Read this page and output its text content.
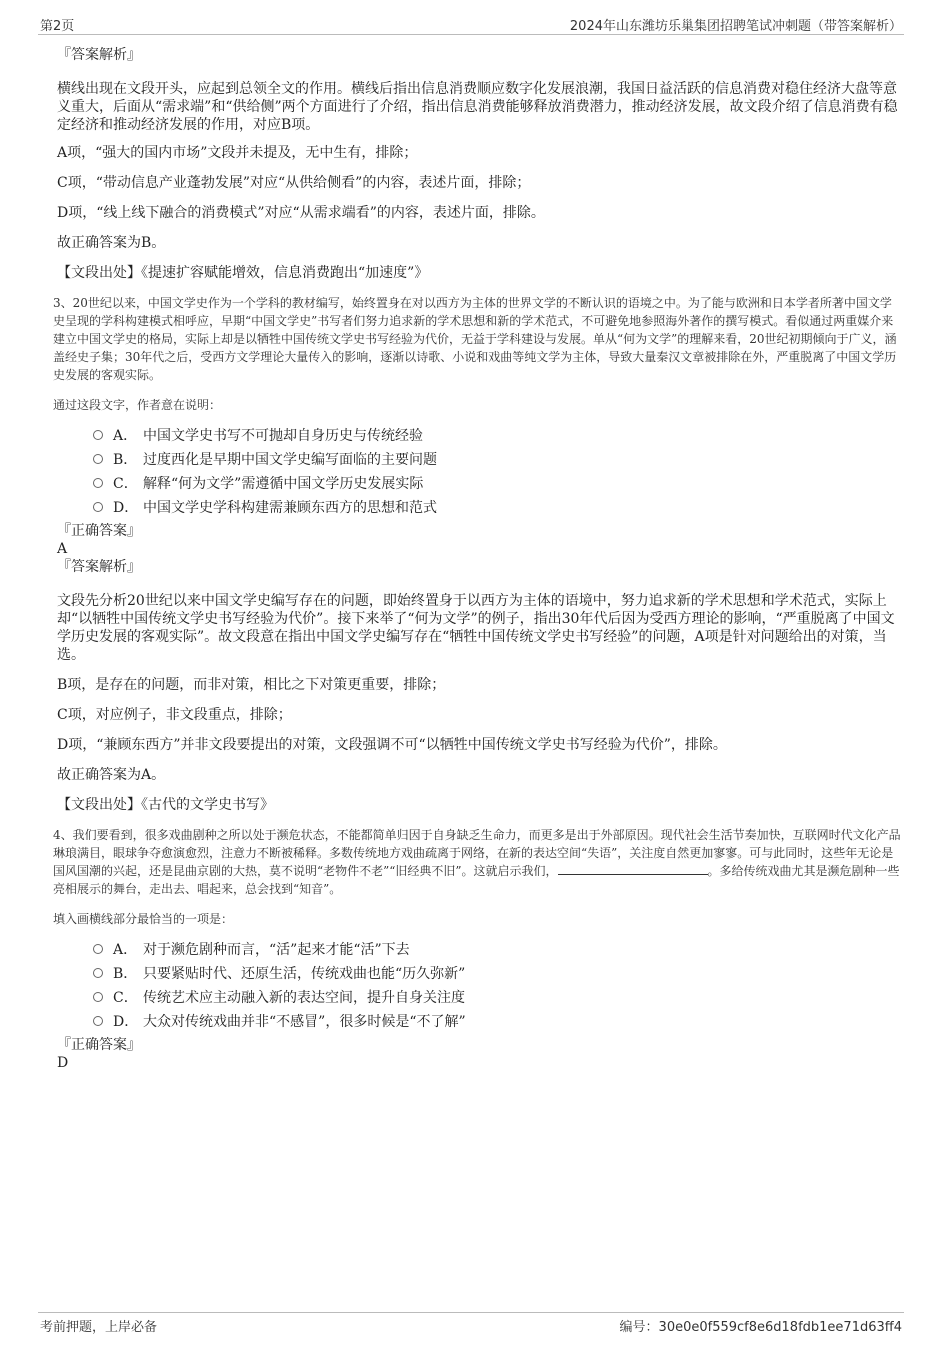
第2页	2024年山东潍坊乐巢集团招聘笔试冲刺题（带答案解析）

『答案解析』

横线出现在文段开头，应起到总领全文的作用。横线后指出信息消费顺应数字化发展浪潮，我国日益活跃的信息消费对稳住经济大盘等意义重大，后面从“需求端”和“供给侧”两个方面进行了介绍，指出信息消费能够释放消费潜力，推动经济发展，故文段介绍了信息消费有稳定经济和推动经济发展的作用，对应B项。

A项，“强大的国内市场”文段并未提及，无中生有，排除；

C项，“带动信息产业蓬勃发展”对应“从供给侧看”的内容，表述片面，排除；

D项，“线上线下融合的消费模式”对应“从需求端看”的内容，表述片面，排除。

故正确答案为B。

【文段出处】《提速扩容赋能增效，信息消费跑出“加速度”》

3、20世纪以来，中国文学史作为一个学科的教材编写，始终置身在对以西方为主体的世界文学的不断认识的语境之中。为了能与欧洲和日本学者所著中国文学史呈现的学科构建模式相呼应，早期“中国文学史”书写者们努力追求新的学术思想和新的学术范式，不可避免地参照海外著作的撰写模式。看似通过两重媒介来建立中国文学史的格局，实际上却是以牺牲中国传统文学史书写经验为代价，无益于学科建设与发展。单从“何为文学”的理解来看，20世纪初期倾向于广义，涵盖经史子集；30年代之后，受西方文学理论大量传入的影响，逐渐以诗歌、小说和戏曲等纯文学为主体，导致大量秦汉文章被排除在外，严重脱离了中国文学历史发展的客观实际。

通过这段文字，作者意在说明：

A． 中国文学史书写不可抛却自身历史与传统经验
B． 过度西化是早期中国文学史编写面临的主要问题
C． 解释“何为文学”需遵循中国文学历史发展实际
D． 中国文学史学科构建需兼顾东西方的思想和范式

『正确答案』

A

『答案解析』

文段先分析20世纪以来中国文学史编写存在的问题，即始终置身于以西方为主体的语境中，努力追求新的学术思想和学术范式，实际上却“以牺牲中国传统文学史书写经验为代价”。接下来举了“何为文学”的例子，指出30年代后因为受西方理论的影响，“严重脱离了中国文学历史发展的客观实际”。故文段意在指出中国文学史编写存在“牺牲中国传统文学史书写经验”的问题，A项是针对问题给出的对策，当选。

B项，是存在的问题，而非对策，相比之下对策更重要，排除；

C项，对应例子，非文段重点，排除；

D项，“兼顾东西方”并非文段要提出的对策，文段强调不可“以牺牲中国传统文学史书写经验为代价”，排除。

故正确答案为A。

【文段出处】《古代的文学史书写》

4、我们要看到，很多戏曲剧种之所以处于濒危状态，不能都简单归因于自身缺乏生命力，而更多是出于外部原因。现代社会生活节奏加快，互联网时代文化产品琳琅满目，眼球争夺愈演愈烈，注意力不断被稀释。多数传统地方戏曲疏离于网络，在新的表达空间“失语”，关注度自然更加寥寥。可与此同时，这些年无论是国风国潮的兴起，还是昆曲京剧的大热，莫不说明“老物件不老”“旧经典不旧”。这就启示我们，	。多给传统戏曲尤其是濒危剧种一些亮相展示的舞台，走出去、唱起来，总会找到“知音”。

填入画横线部分最恰当的一项是：

A． 对于濒危剧种而言，“活”起来才能“活”下去
B． 只要紧贴时代、还原生活，传统戏曲也能“历久弥新”
C． 传统艺术应主动融入新的表达空间，提升自身关注度
D． 大众对传统戏曲并非“不感冒”，很多时候是“不了解”

『正确答案』

D

考前押题，上岸必备	编号：30e0e0f559cf8e6d18fdb1ee71d63ff4
